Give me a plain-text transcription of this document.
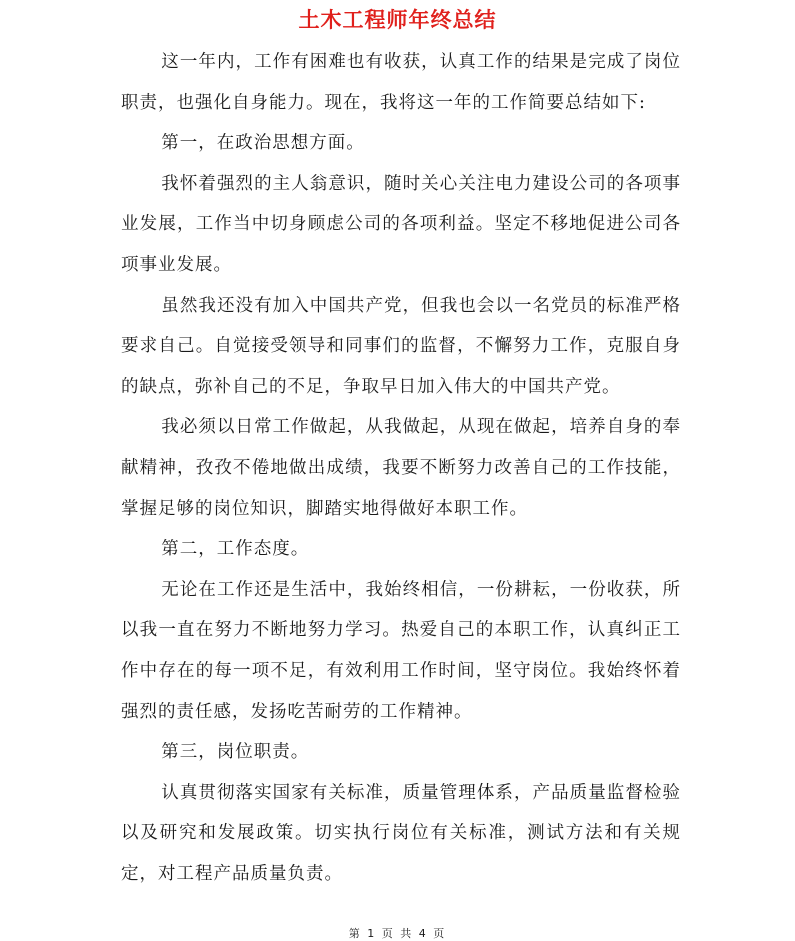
土木工程师年终总结

这一年内，工作有困难也有收获，认真工作的结果是完成了岗位职责，也强化自身能力。现在，我将这一年的工作简要总结如下:

第一，在政治思想方面。

我怀着强烈的主人翁意识，随时关心关注电力建设公司的各项事业发展，工作当中切身顾虑公司的各项利益。坚定不移地促进公司各项事业发展。

虽然我还没有加入中国共产党，但我也会以一名党员的标准严格要求自己。自觉接受领导和同事们的监督，不懈努力工作，克服自身的缺点，弥补自己的不足，争取早日加入伟大的中国共产党。

我必须以日常工作做起，从我做起，从现在做起，培养自身的奉献精神，孜孜不倦地做出成绩，我要不断努力改善自己的工作技能，掌握足够的岗位知识，脚踏实地得做好本职工作。

第二，工作态度。

无论在工作还是生活中，我始终相信，一份耕耘，一份收获，所以我一直在努力不断地努力学习。热爱自己的本职工作，认真纠正工作中存在的每一项不足，有效利用工作时间，坚守岗位。我始终怀着强烈的责任感，发扬吃苦耐劳的工作精神。

第三，岗位职责。

认真贯彻落实国家有关标准，质量管理体系，产品质量监督检验以及研究和发展政策。切实执行岗位有关标准，测试方法和有关规定，对工程产品质量负责。

第 1 页 共 4 页
